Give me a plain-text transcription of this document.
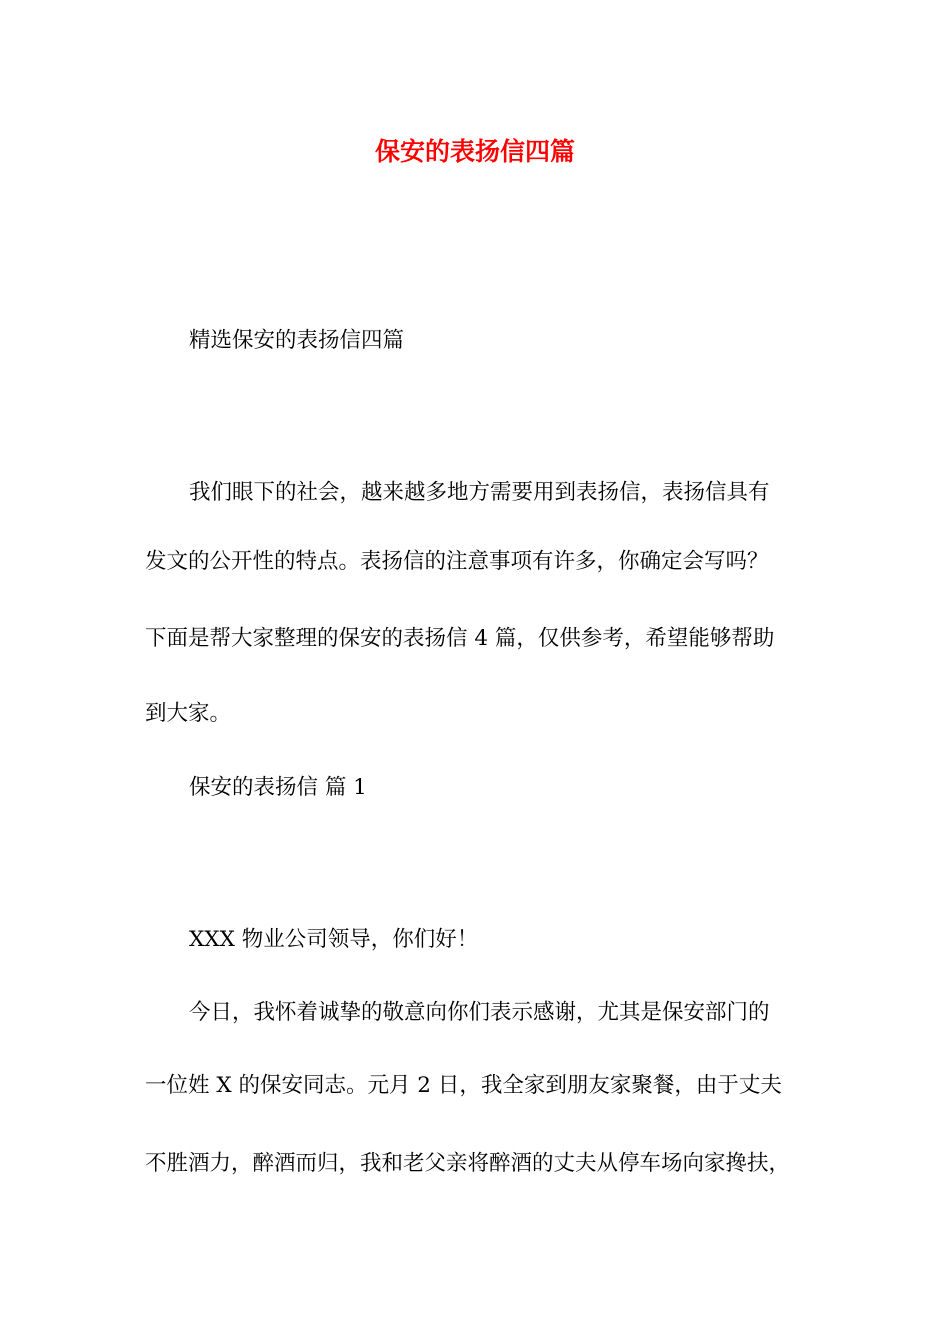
保安的表扬信四篇
精选保安的表扬信四篇
我们眼下的社会，越来越多地方需要用到表扬信，表扬信具有
发文的公开性的特点。表扬信的注意事项有许多，你确定会写吗？
下面是帮大家整理的保安的表扬信 4 篇，仅供参考，希望能够帮助
到大家。
保安的表扬信 篇 1
XXX 物业公司领导，你们好！
今日，我怀着诚挚的敬意向你们表示感谢，尤其是保安部门的
一位姓 X 的保安同志。元月 2 日，我全家到朋友家聚餐，由于丈夫
不胜酒力，醉酒而归，我和老父亲将醉酒的丈夫从停车场向家搀扶，
